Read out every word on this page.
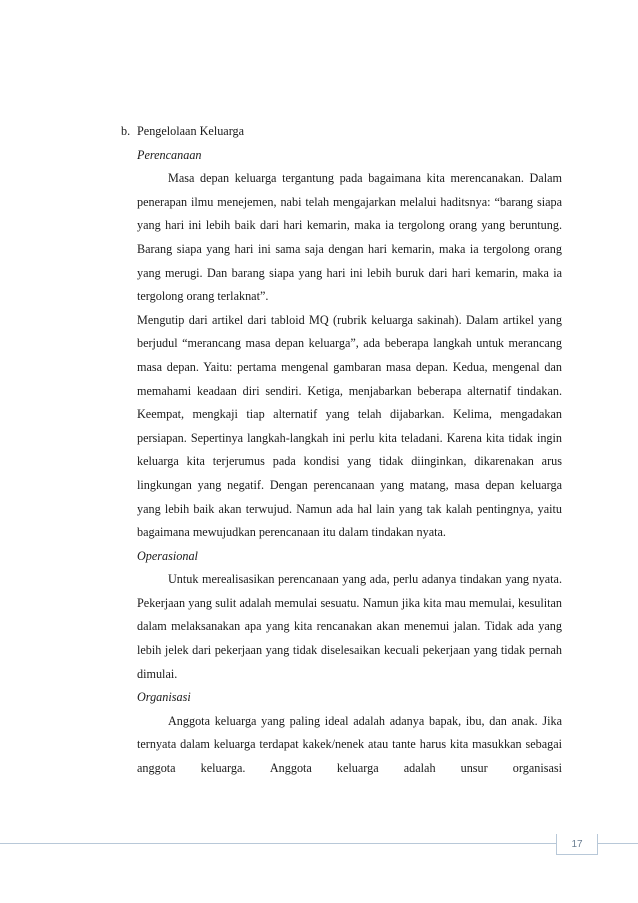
b. Pengelolaan Keluarga

Perencanaan

Masa depan keluarga tergantung pada bagaimana kita merencanakan. Dalam penerapan ilmu menejemen, nabi telah mengajarkan melalui haditsnya: “barang siapa yang hari ini lebih baik dari hari kemarin, maka ia tergolong orang yang beruntung. Barang siapa yang hari ini sama saja dengan hari kemarin, maka ia tergolong orang yang merugi. Dan barang siapa yang hari ini lebih buruk dari hari kemarin, maka ia tergolong orang terlaknat”.

Mengutip dari artikel dari tabloid MQ (rubrik keluarga sakinah). Dalam artikel yang berjudul “merancang masa depan keluarga”, ada beberapa langkah untuk merancang masa depan. Yaitu: pertama mengenal gambaran masa depan. Kedua, mengenal dan memahami keadaan diri sendiri. Ketiga, menjabarkan beberapa alternatif tindakan. Keempat, mengkaji tiap alternatif yang telah dijabarkan. Kelima, mengadakan persiapan. Sepertinya langkah-langkah ini perlu kita teladani. Karena kita tidak ingin keluarga kita terjerumus pada kondisi yang tidak diinginkan, dikarenakan arus lingkungan yang negatif. Dengan perencanaan yang matang, masa depan keluarga yang lebih baik akan terwujud. Namun ada hal lain yang tak kalah pentingnya, yaitu bagaimana mewujudkan perencanaan itu dalam tindakan nyata.

Operasional

Untuk merealisasikan perencanaan yang ada, perlu adanya tindakan yang nyata. Pekerjaan yang sulit adalah memulai sesuatu. Namun jika kita mau memulai, kesulitan dalam melaksanakan apa yang kita rencanakan akan menemui jalan. Tidak ada yang lebih jelek dari pekerjaan yang tidak diselesaikan kecuali pekerjaan yang tidak pernah dimulai.

Organisasi

Anggota keluarga yang paling ideal adalah adanya bapak, ibu, dan anak. Jika ternyata dalam keluarga terdapat kakek/nenek atau tante harus kita masukkan sebagai anggota keluarga. Anggota keluarga adalah unsur organisasi

17
